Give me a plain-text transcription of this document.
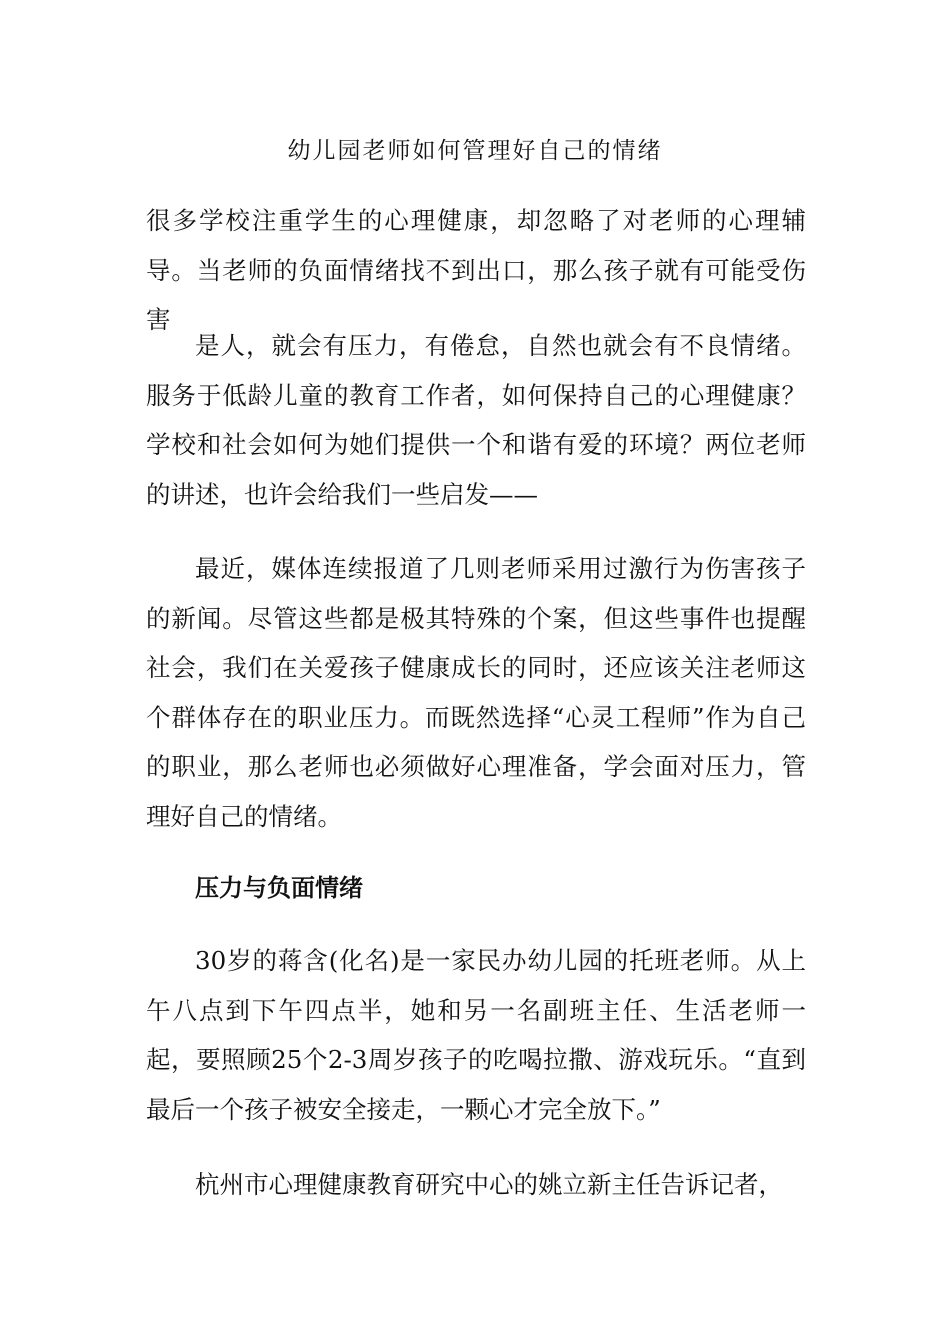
幼儿园老师如何管理好自己的情绪

很多学校注重学生的心理健康，却忽略了对老师的心理辅导。当老师的负面情绪找不到出口，那么孩子就有可能受伤害

是人，就会有压力，有倦怠，自然也就会有不良情绪。服务于低龄儿童的教育工作者，如何保持自己的心理健康？学校和社会如何为她们提供一个和谐有爱的环境？两位老师的讲述，也许会给我们一些启发——

最近，媒体连续报道了几则老师采用过激行为伤害孩子的新闻。尽管这些都是极其特殊的个案，但这些事件也提醒社会，我们在关爱孩子健康成长的同时，还应该关注老师这个群体存在的职业压力。而既然选择“心灵工程师”作为自己的职业，那么老师也必须做好心理准备，学会面对压力，管理好自己的情绪。

压力与负面情绪

30岁的蒋含(化名)是一家民办幼儿园的托班老师。从上午八点到下午四点半，她和另一名副班主任、生活老师一起，要照顾25个2-3周岁孩子的吃喝拉撒、游戏玩乐。“直到最后一个孩子被安全接走，一颗心才完全放下。”

杭州市心理健康教育研究中心的姚立新主任告诉记者，
